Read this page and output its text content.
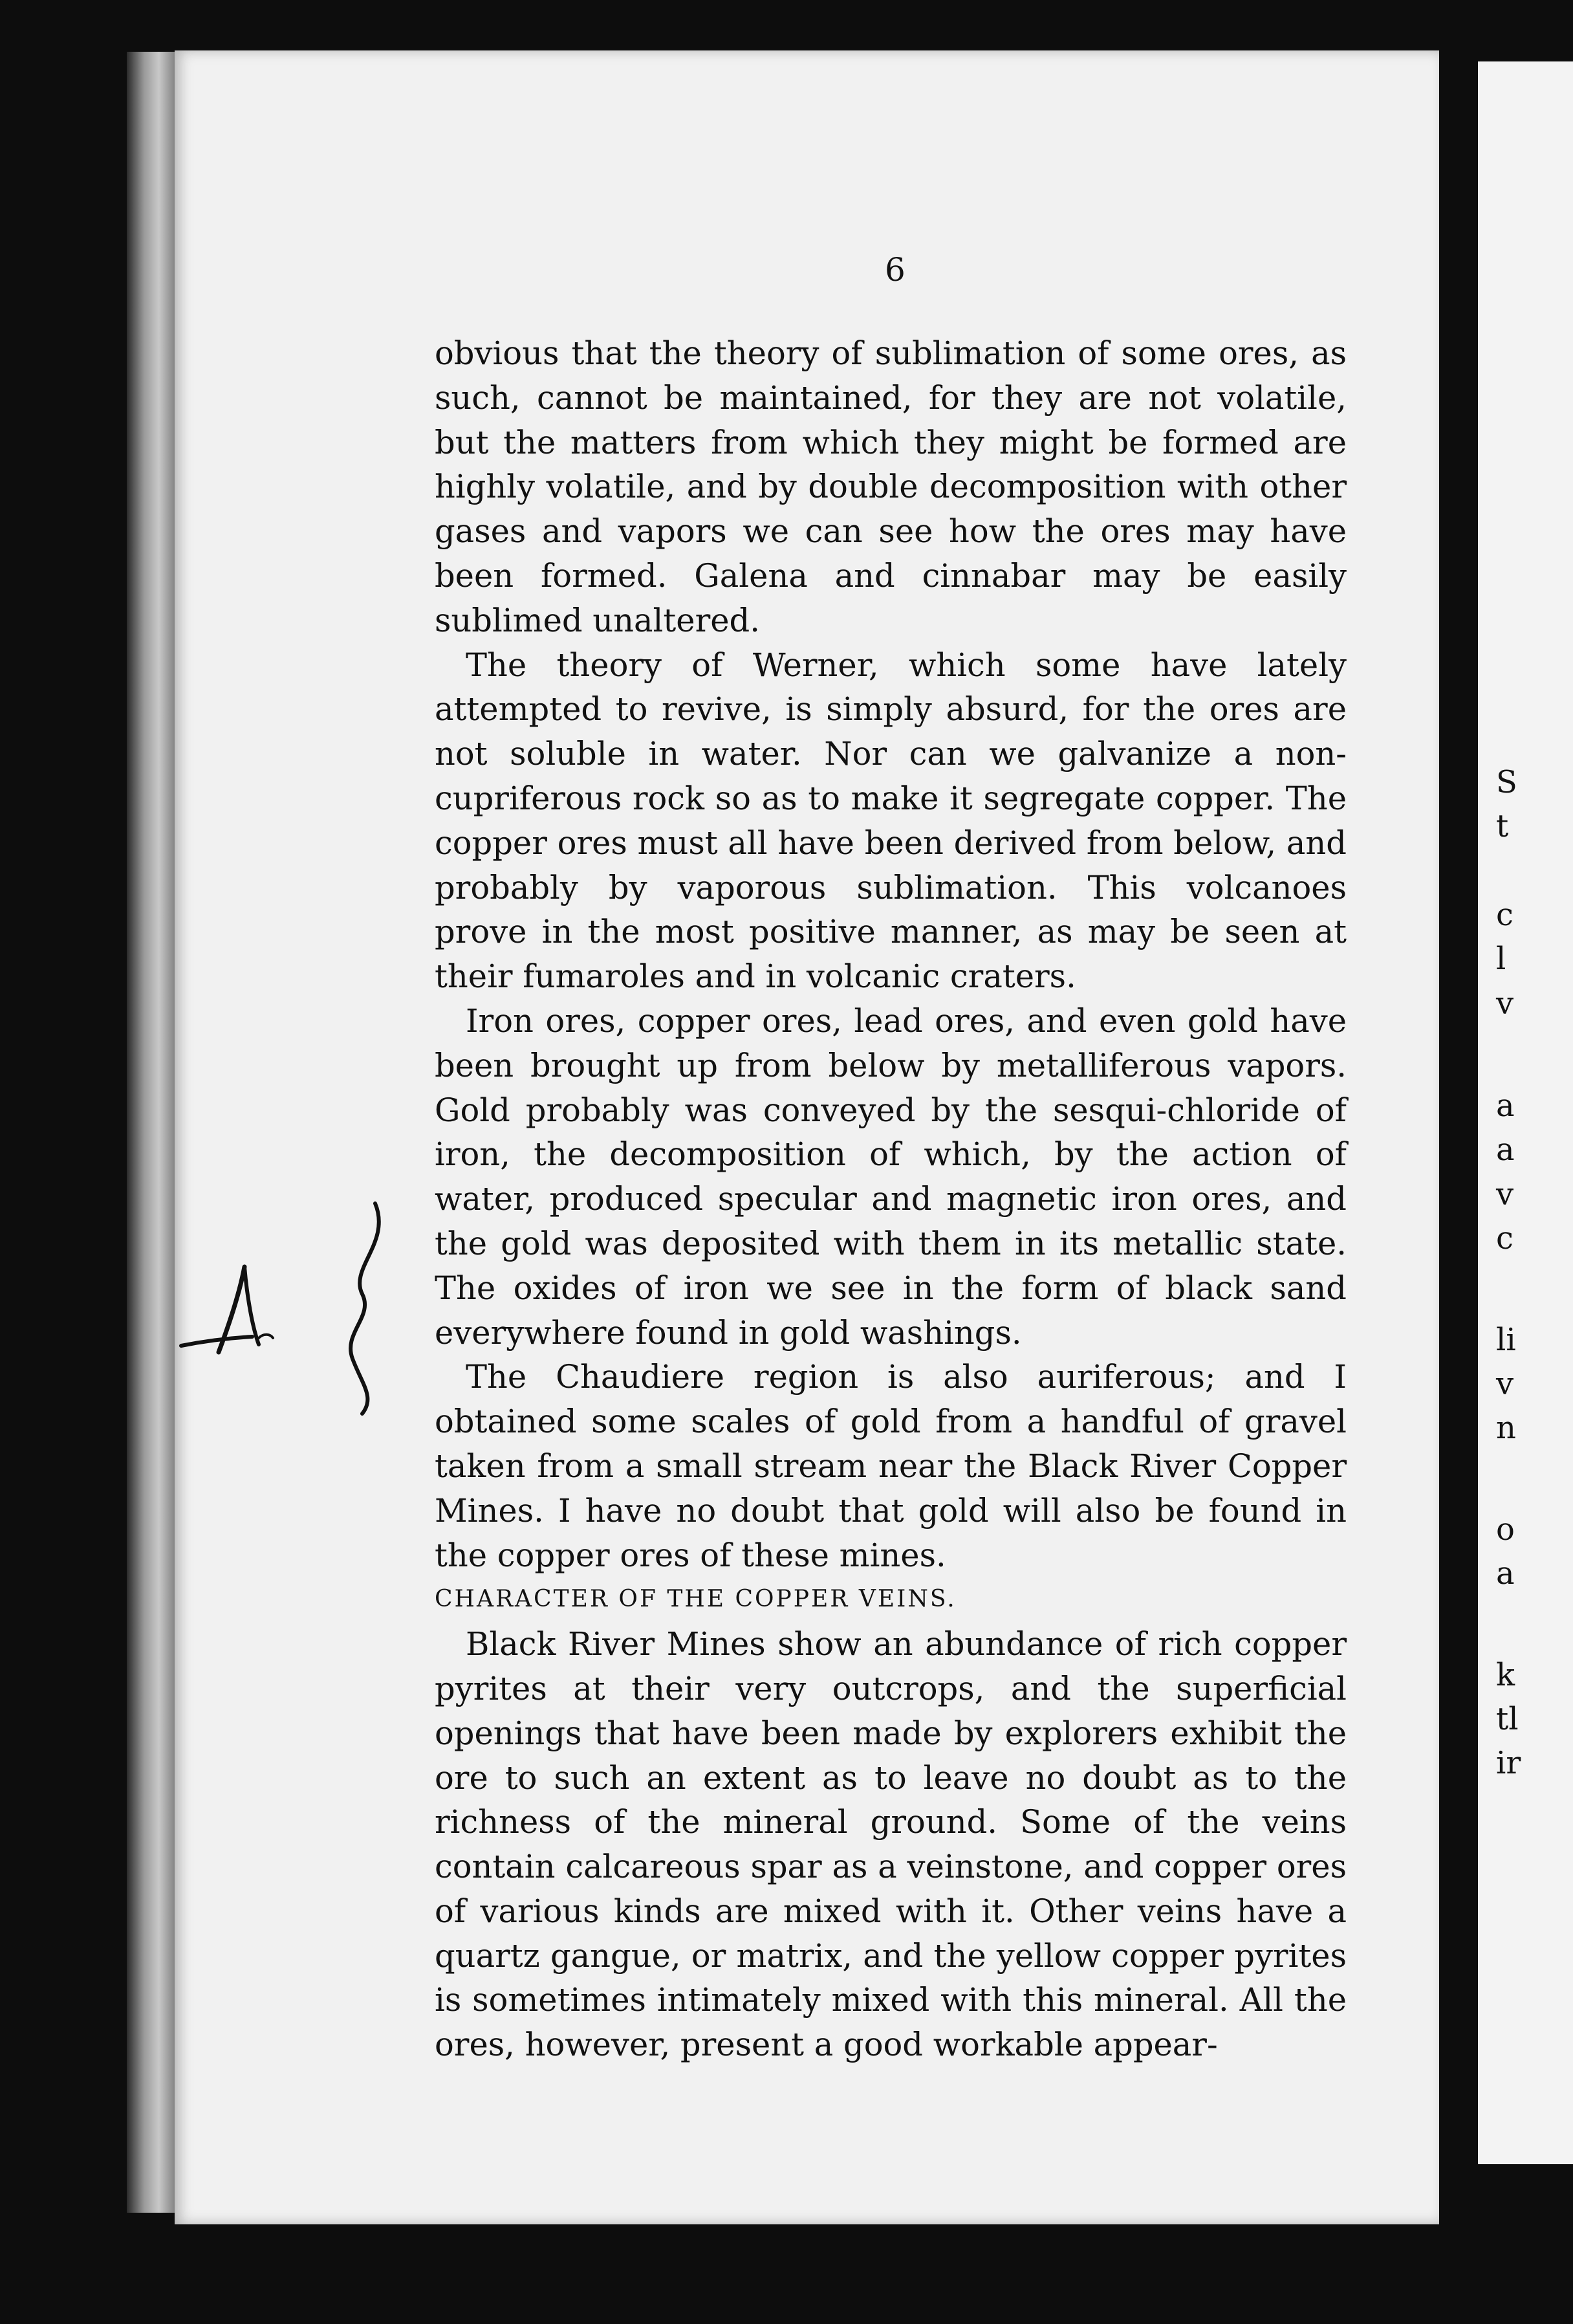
S
t
c
l
v
a
a
v
c
li
v
n
o
a
k
tl
ir
6

obvious that the theory of sublimation of some ores, as such, cannot be maintained, for they are not volatile, but the matters from which they might be formed are highly volatile, and by double decomposition with other gases and vapors we can see how the ores may have been formed. Galena and cinnabar may be easily sublimed unaltered.

The theory of Werner, which some have lately attempted to revive, is simply absurd, for the ores are not soluble in water. Nor can we galvanize a non-cupriferous rock so as to make it segregate copper. The copper ores must all have been derived from below, and probably by vaporous sublimation. This volcanoes prove in the most positive manner, as may be seen at their fumaroles and in volcanic craters.

Iron ores, copper ores, lead ores, and even gold have been brought up from below by metalliferous vapors. Gold probably was conveyed by the sesqui-chloride of iron, the decomposition of which, by the action of water, produced specular and magnetic iron ores, and the gold was deposited with them in its metallic state. The oxides of iron we see in the form of black sand everywhere found in gold washings.

The Chaudiere region is also auriferous; and I obtained some scales of gold from a handful of gravel taken from a small stream near the Black River Copper Mines. I have no doubt that gold will also be found in the copper ores of these mines.

CHARACTER OF THE COPPER VEINS.

Black River Mines show an abundance of rich copper pyrites at their very outcrops, and the superficial openings that have been made by explorers exhibit the ore to such an extent as to leave no doubt as to the richness of the mineral ground. Some of the veins contain calcareous spar as a veinstone, and copper ores of various kinds are mixed with it. Other veins have a quartz gangue, or matrix, and the yellow copper pyrites is sometimes intimately mixed with this mineral. All the ores, however, present a good workable appear-
